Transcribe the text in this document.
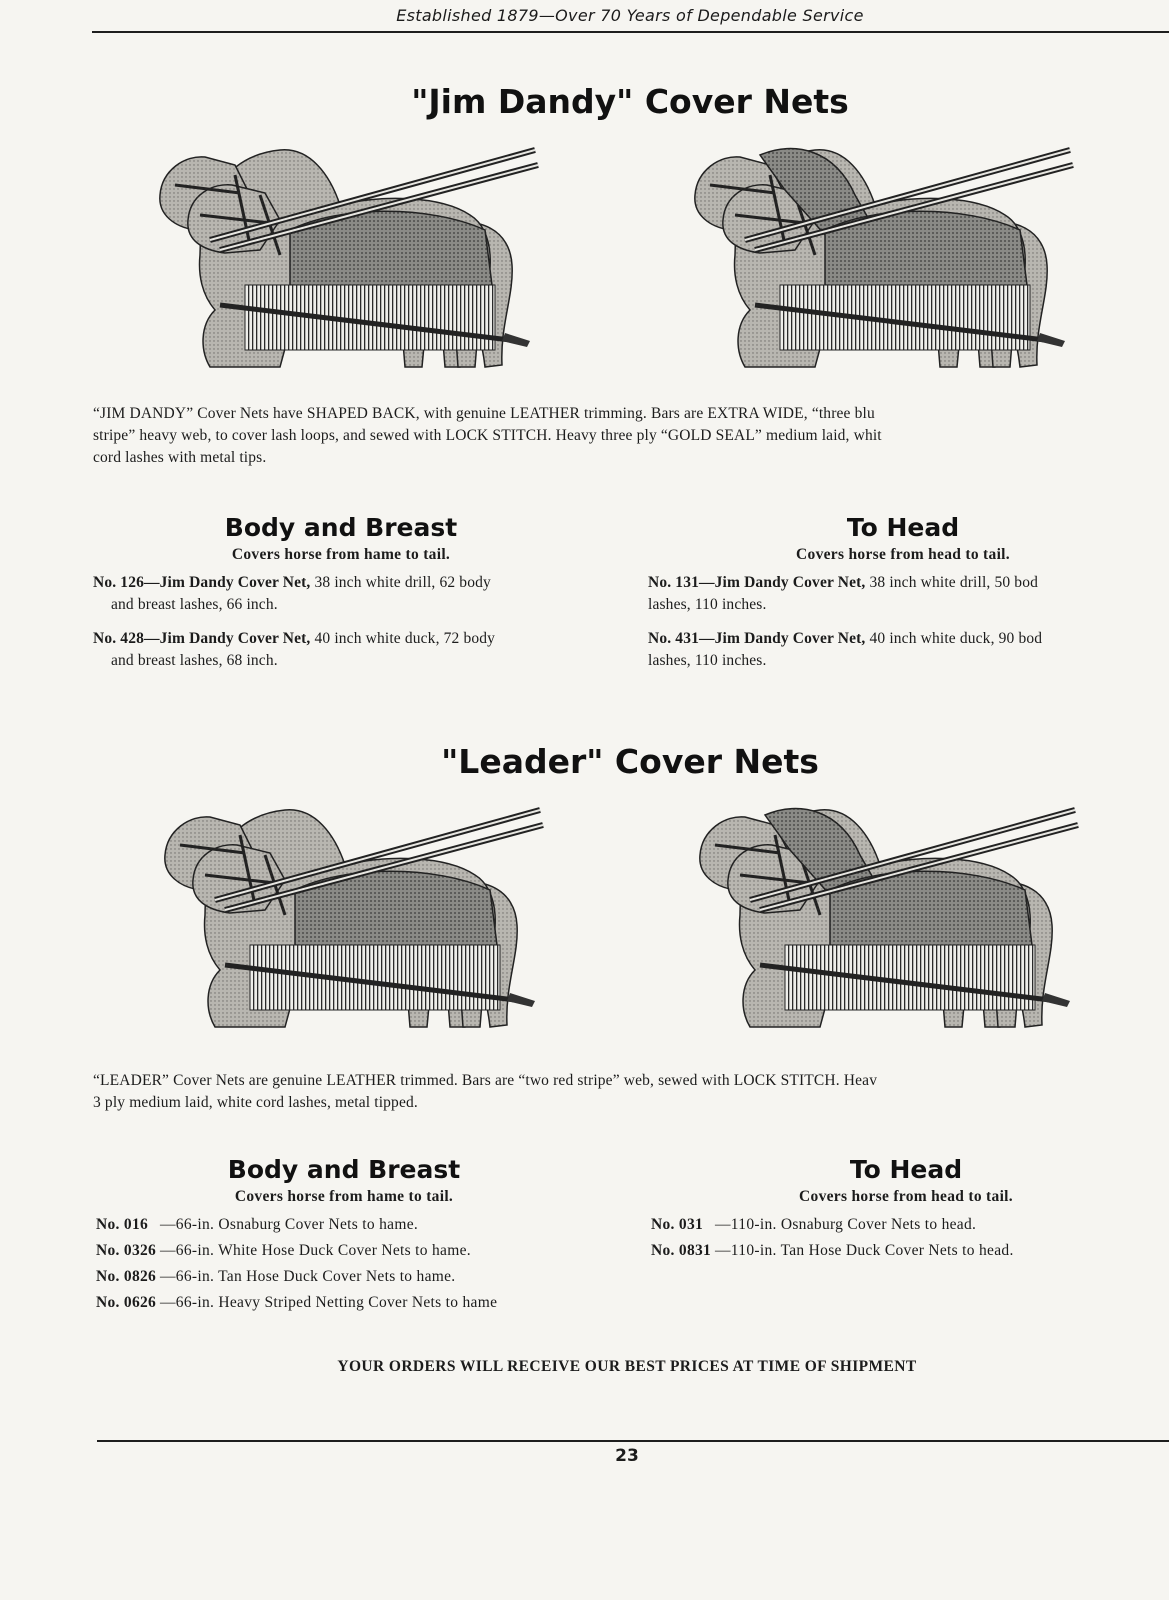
Established 1879—Over 70 Years of Dependable Service
"Jim Dandy" Cover Nets
“JIM DANDY” Cover Nets have SHAPED BACK, with genuine LEATHER trimming. Bars are EXTRA WIDE, “three blu
stripe” heavy web, to cover lash loops, and sewed with LOCK STITCH. Heavy three ply “GOLD SEAL” medium laid, whit
cord lashes with metal tips.
Body and Breast
Covers horse from hame to tail.
No. 126—Jim Dandy Cover Net, 38 inch white drill, 62 body
and breast lashes, 66 inch.
No. 428—Jim Dandy Cover Net, 40 inch white duck, 72 body
and breast lashes, 68 inch.
To Head
Covers horse from head to tail.
No. 131—Jim Dandy Cover Net, 38 inch white drill, 50 bod
lashes, 110 inches.
No. 431—Jim Dandy Cover Net, 40 inch white duck, 90 bod
lashes, 110 inches.
"Leader" Cover Nets
“LEADER” Cover Nets are genuine LEATHER trimmed. Bars are “two red stripe” web, sewed with LOCK STITCH. Heav
3 ply medium laid, white cord lashes, metal tipped.
Body and Breast
Covers horse from hame to tail.
No. 016 —66-in. Osnaburg Cover Nets to hame.
No. 0326 —66-in. White Hose Duck Cover Nets to hame.
No. 0826 —66-in. Tan Hose Duck Cover Nets to hame.
No. 0626 —66-in. Heavy Striped Netting Cover Nets to hame
To Head
Covers horse from head to tail.
No. 031 —110-in. Osnaburg Cover Nets to head.
No. 0831 —110-in. Tan Hose Duck Cover Nets to head.
YOUR ORDERS WILL RECEIVE OUR BEST PRICES AT TIME OF SHIPMENT
23
